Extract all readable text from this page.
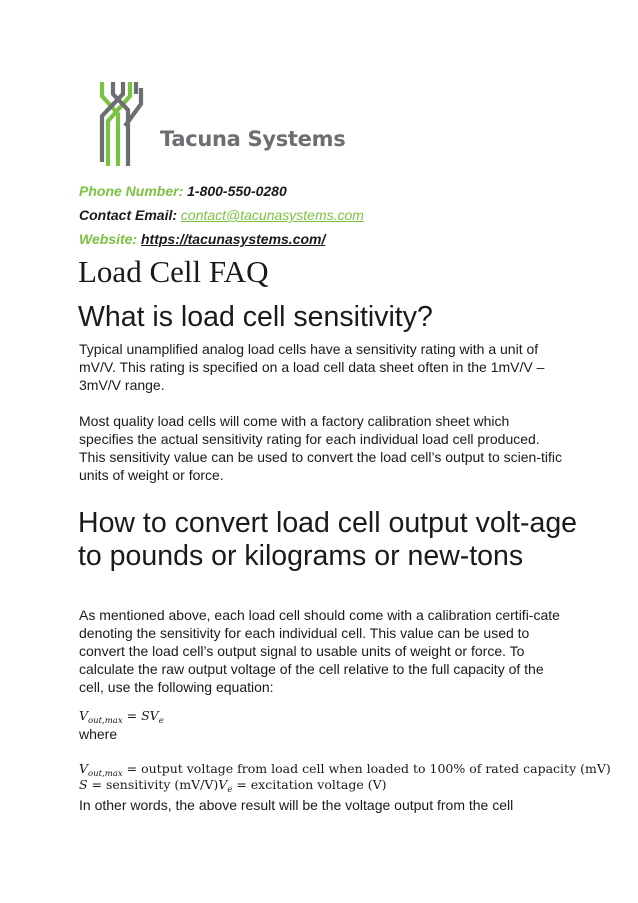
Tacuna Systems
Phone Number: 1-800-550-0280
Contact Email: contact@tacunasystems.com
Website: https://tacunasystems.com/
Load Cell FAQ
What is load cell sensitivity?

Typical unamplified analog load cells have a sensitivity rating with a unit of mV/V. This rating is specified on a load cell data sheet often in the 1mV/V – 3mV/V range.

Most quality load cells will come with a factory calibration sheet which specifies the actual sensitivity rating for each individual load cell produced. This sensitivity value can be used to convert the load cell’s output to scien-tific units of weight or force.

How to convert load cell output volt-age to pounds or kilograms or new-tons

As mentioned above, each load cell should come with a calibration certifi-cate denoting the sensitivity for each individual cell. This value can be used to convert the load cell’s output signal to usable units of weight or force. To calculate the raw output voltage of the cell relative to the full capacity of the cell, use the following equation:

$V_{out,max} = SV_e$

where

$V_{out,max}$ = output voltage from load cell when loaded to 100% of rated capacity (mV)
S = sensitivity $(mV/V)V_e$ = excitation voltage (V)

In other words, the above result will be the voltage output from the cell
